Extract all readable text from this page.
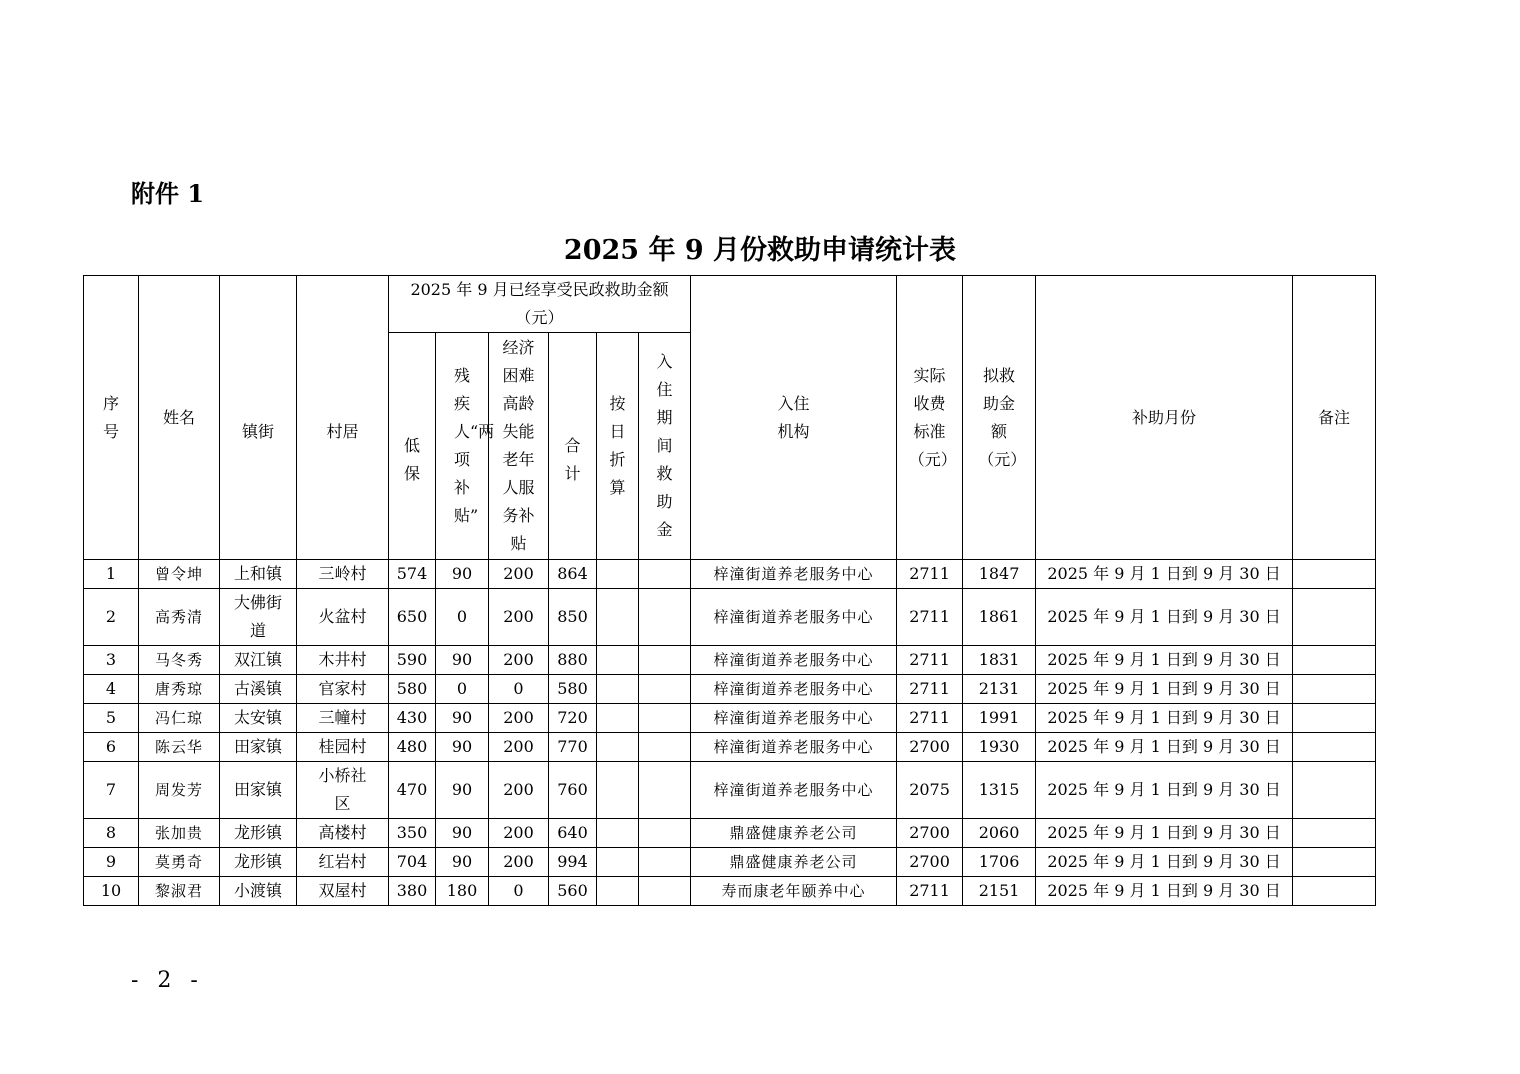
附件 1
2025 年 9 月份救助申请统计表
序号	姓名	镇街	村居	2025 年 9 月已经享受民政救助金额（元）						入住机构	实际收费标准（元）	拟救助金额（元）	补助月份	备注

				低保	残疾人“两项补贴”	经济困难高龄失能老年人服务补贴	合计	按日折算	入住期间救助金					

1	曾令坤	上和镇	三岭村	574	90	200	864			梓潼街道养老服务中心	2711	1847	2025 年 9 月 1 日到 9 月 30 日	
2	高秀清	大佛街道	火盆村	650	0	200	850			梓潼街道养老服务中心	2711	1861	2025 年 9 月 1 日到 9 月 30 日	
3	马冬秀	双江镇	木井村	590	90	200	880			梓潼街道养老服务中心	2711	1831	2025 年 9 月 1 日到 9 月 30 日	
4	唐秀琼	古溪镇	官家村	580	0	0	580			梓潼街道养老服务中心	2711	2131	2025 年 9 月 1 日到 9 月 30 日	
5	冯仁琼	太安镇	三幢村	430	90	200	720			梓潼街道养老服务中心	2711	1991	2025 年 9 月 1 日到 9 月 30 日	
6	陈云华	田家镇	桂园村	480	90	200	770			梓潼街道养老服务中心	2700	1930	2025 年 9 月 1 日到 9 月 30 日	
7	周发芳	田家镇	小桥社区	470	90	200	760			梓潼街道养老服务中心	2075	1315	2025 年 9 月 1 日到 9 月 30 日	
8	张加贵	龙形镇	高楼村	350	90	200	640			鼎盛健康养老公司	2700	2060	2025 年 9 月 1 日到 9 月 30 日	
9	莫勇奇	龙形镇	红岩村	704	90	200	994			鼎盛健康养老公司	2700	1706	2025 年 9 月 1 日到 9 月 30 日	
10	黎淑君	小渡镇	双屋村	380	180	0	560			寿而康老年颐养中心	2711	2151	2025 年 9 月 1 日到 9 月 30 日	
- 2 -
